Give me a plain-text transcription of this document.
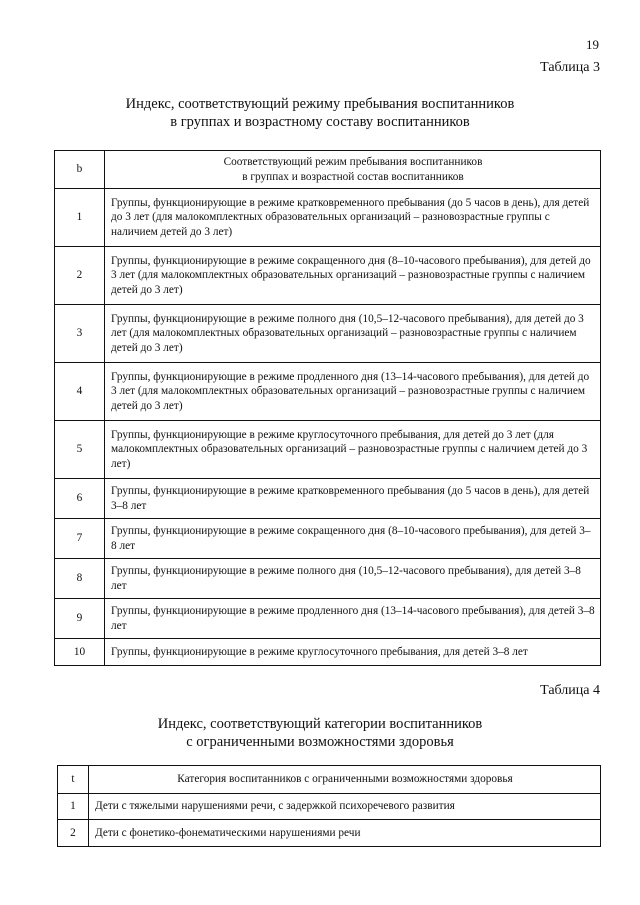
19
Таблица 3
Индекс, соответствующий режиму пребывания воспитанников
в группах и возрастному составу воспитанников
b	Соответствующий режим пребывания воспитанников
в группах и возрастной состав воспитанников

1	Группы, функционирующие в режиме кратковременного пребывания (до 5 часов в день), для детей до 3 лет (для малокомплектных образовательных организаций – разновозрастные группы с наличием детей до 3 лет)
2	Группы, функционирующие в режиме сокращенного дня (8–10-часового пребывания), для детей до 3 лет (для малокомплектных образовательных организаций – разновозрастные группы с наличием детей до 3 лет)
3	Группы, функционирующие в режиме полного дня (10,5–12-часового пребывания), для детей до 3 лет (для малокомплектных образовательных организаций – разновозрастные группы с наличием детей до 3 лет)
4	Группы, функционирующие в режиме продленного дня (13–14-часового пребывания), для детей до 3 лет (для малокомплектных образовательных организаций – разновозрастные группы с наличием детей до 3 лет)
5	Группы, функционирующие в режиме круглосуточного пребывания, для детей до 3 лет (для малокомплектных образовательных организаций – разновозрастные группы с наличием детей до 3 лет)
6	Группы, функционирующие в режиме кратковременного пребывания (до 5 часов в день), для детей 3–8 лет
7	Группы, функционирующие в режиме сокращенного дня (8–10-часового пребывания), для детей 3–8 лет
8	Группы, функционирующие в режиме полного дня (10,5–12-часового пребывания), для детей 3–8 лет
9	Группы, функционирующие в режиме продленного дня (13–14-часового пребывания), для детей 3–8 лет
10	Группы, функционирующие в режиме круглосуточного пребывания, для детей 3–8 лет
Таблица 4
Индекс, соответствующий категории воспитанников
с ограниченными возможностями здоровья
t	Категория воспитанников с ограниченными возможностями здоровья
1	Дети с тяжелыми нарушениями речи, с задержкой психоречевого развития
2	Дети с фонетико-фонематическими нарушениями речи
